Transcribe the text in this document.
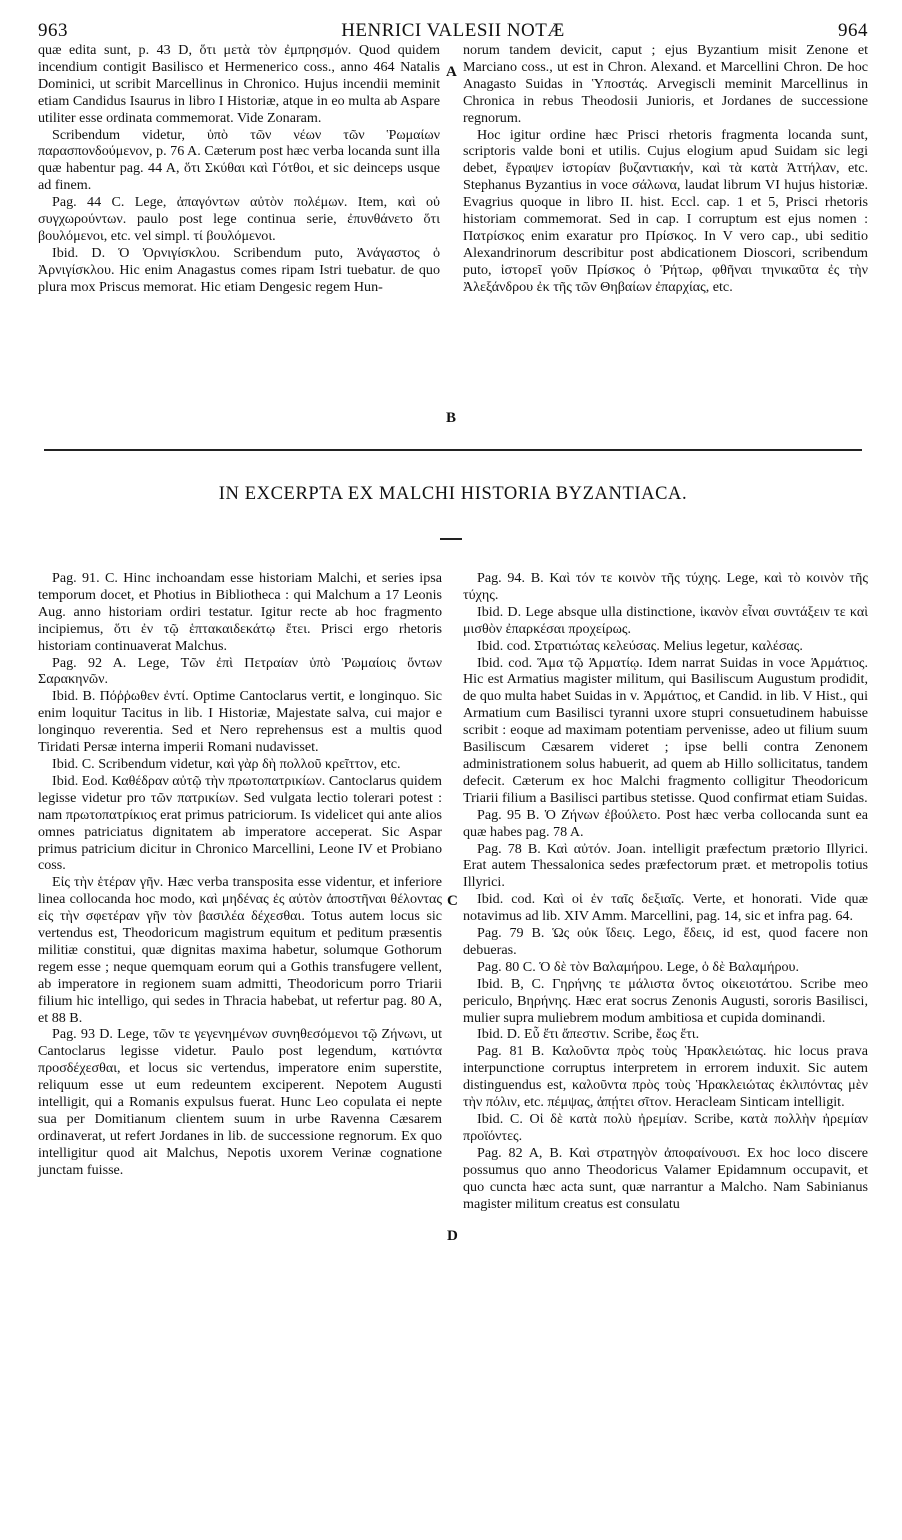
963	HENRICI VALESII NOTÆ	964

quæ edita sunt, p. 43 D, ὅτι μετὰ τὸν ἐμπρησμόν. Quod quidem incendium contigit Basilisco et Hermenerico coss., anno 464 Natalis Dominici, ut scribit Marcellinus in Chronico. Hujus incendii meminit etiam Candidus Isaurus in libro I Historiæ, atque in eo multa ab Aspare utiliter esse ordinata commemorat. Vide Zonaram.

Scribendum videtur, ὑπὸ τῶν νέων τῶν Ῥωμαίων παρασπονδούμενον, p. 76 A. Cæterum post hæc verba locanda sunt illa quæ habentur pag. 44 A, ὅτι Σκύθαι καὶ Γότθοι, et sic deinceps usque ad finem.

Pag. 44 C. Lege, ἀπαγόντων αὐτὸν πολέμων. Item, καὶ οὐ συγχωρούντων. paulo post lege continua serie, ἐπυνθάνετο ὅτι βουλόμενοι, etc. vel simpl. τί βουλόμενοι.

Ibid. D. Ὁ Ὀρνιγίσκλου. Scribendum puto, Ἀνάγαστος ὁ Ἀρνιγίσκλου. Hic enim Anagastus comes ripam Istri tuebatur. de quo plura mox Priscus memorat. Hic etiam Dengesic regem Hun-

A
B

norum tandem devicit, caput ; ejus Byzantium misit Zenone et Marciano coss., ut est in Chron. Alexand. et Marcellini Chron. De hoc Anagasto Suidas in Ὑποστάς. Arvegiscli meminit Marcellinus in Chronica in rebus Theodosii Junioris, et Jordanes de successione regnorum.

Hoc igitur ordine hæc Prisci rhetoris fragmenta locanda sunt, scriptoris valde boni et utilis. Cujus elogium apud Suidam sic legi debet, ἔγραψεν ἱστορίαν βυζαντιακήν, καὶ τὰ κατὰ Ἀττήλαν, etc. Stephanus Byzantius in voce σάλωνα, laudat librum VI hujus historiæ. Evagrius quoque in libro II. hist. Eccl. cap. 1 et 5, Prisci rhetoris historiam commemorat. Sed in cap. I corruptum est ejus nomen : Πατρίσκος enim exaratur pro Πρίσκος. In V vero cap., ubi seditio Alexandrinorum describitur post abdicationem Dioscori, scribendum puto, ἱστορεῖ γοῦν Πρίσκος ὁ Ῥήτωρ, φθῆναι τηνικαῦτα ἐς τὴν Ἀλεξάνδρου ἐκ τῆς τῶν Θηβαίων ἐπαρχίας, etc.

IN EXCERPTA EX MALCHI HISTORIA BYZANTIACA.

Pag. 91. C. Hinc inchoandam esse historiam Malchi, et series ipsa temporum docet, et Photius in Bibliotheca : qui Malchum a 17 Leonis Aug. anno historiam ordiri testatur. Igitur recte ab hoc fragmento incipiemus, ὅτι ἐν τῷ ἑπτακαιδεκάτῳ ἔτει. Prisci ergo rhetoris historiam continuaverat Malchus.

Pag. 92 A. Lege, Τῶν ἐπὶ Πετραίαν ὑπὸ Ῥωμαίοις ὄντων Σαρακηνῶν.

Ibid. B. Πόῤῥωθεν ἐντί. Optime Cantoclarus vertit, e longinquo. Sic enim loquitur Tacitus in lib. I Historiæ, Majestate salva, cui major e longinquo reverentia. Sed et Nero reprehensus est a multis quod Tiridati Persæ interna imperii Romani nudavisset.

Ibid. C. Scribendum videtur, καὶ γὰρ δὴ πολλοῦ κρεῖττον, etc.

Ibid. Eod. Καθέδραν αὐτῷ τὴν πρωτοπατρικίων. Cantoclarus quidem legisse videtur pro τῶν πατρικίων. Sed vulgata lectio tolerari potest : nam πρωτοπατρίκιος erat primus patriciorum. Is videlicet qui ante alios omnes patriciatus dignitatem ab imperatore acceperat. Sic Aspar primus patricium dicitur in Chronico Marcellini, Leone IV et Probiano coss.

Εἰς τὴν ἑτέραν γῆν. Hæc verba transposita esse videntur, et inferiore linea collocanda hoc modo, καὶ μηδένας ἐς αὐτὸν ἀποστῆναι θέλοντας εἰς τὴν σφετέραν γῆν τὸν βασιλέα δέχεσθαι. Totus autem locus sic vertendus est, Theodoricum magistrum equitum et peditum præsentis militiæ constitui, quæ dignitas maxima habetur, solumque Gothorum regem esse ; neque quemquam eorum qui a Gothis transfugere vellent, ab imperatore in regionem suam admitti, Theodoricum porro Triarii filium hic intelligo, qui sedes in Thracia habebat, ut refertur pag. 80 A, et 88 B.

Pag. 93 D. Lege, τῶν τε γεγενημένων συνηθεσόμενοι τῷ Ζήνωνι, ut Cantoclarus legisse videtur. Paulo post legendum, κατιόντα προσδέχεσθαι, et locus sic vertendus, imperatore enim superstite, reliquum esse ut eum redeuntem exciperent. Nepotem Augusti intelligit, qui a Romanis expulsus fuerat. Hunc Leo copulata ei nepte sua per Domitianum clientem suum in urbe Ravenna Cæsarem ordinaverat, ut refert Jordanes in lib. de successione regnorum. Ex quo intelligitur quod ait Malchus, Nepotis uxorem Verinæ cognatione junctam fuisse.

C
D

Pag. 94. B. Καὶ τόν τε κοινὸν τῆς τύχης. Lege, καὶ τὸ κοινὸν τῆς τύχης.

Ibid. D. Lege absque ulla distinctione, ἱκανὸν εἶναι συντάξειν τε καὶ μισθὸν ἐπαρκέσαι προχείρως.

Ibid. cod. Στρατιώτας κελεύσας. Melius legetur, καλέσας.

Ibid. cod. Ἅμα τῷ Ἁρματίῳ. Idem narrat Suidas in voce Ἁρμάτιος. Hic est Armatius magister militum, qui Basiliscum Augustum prodidit, de quo multa habet Suidas in v. Ἁρμάτιος, et Candid. in lib. V Hist., qui Armatium cum Basilisci tyranni uxore stupri consuetudinem habuisse scribit : eoque ad maximam potentiam pervenisse, adeo ut filium suum Basiliscum Cæsarem videret ; ipse belli contra Zenonem administrationem solus habuerit, ad quem ab Hillo sollicitatus, tandem defecit. Cæterum ex hoc Malchi fragmento colligitur Theodoricum Triarii filium a Basilisci partibus stetisse. Quod confirmat etiam Suidas.

Pag. 95 B. Ὁ Ζήνων ἐβούλετο. Post hæc verba collocanda sunt ea quæ habes pag. 78 A.

Pag. 78 B. Καὶ αὐτόν. Joan. intelligit præfectum prætorio Illyrici. Erat autem Thessalonica sedes præfectorum præt. et metropolis totius Illyrici.

Ibid. cod. Καὶ οἱ ἐν ταῖς δεξιαῖς. Verte, et honorati. Vide quæ notavimus ad lib. XIV Amm. Marcellini, pag. 14, sic et infra pag. 64.

Pag. 79 B. Ὡς οὐκ ἴδεις. Lego, ἔδεις, id est, quod facere non debueras.

Pag. 80 C. Ὁ δὲ τὸν Βαλαμήρου. Lege, ὁ δὲ Βαλαμήρου.

Ibid. B, C. Γηρήνης τε μάλιστα ὄντος οἰκειοτάτου. Scribe meo periculo, Βηρήνης. Hæc erat socrus Zenonis Augusti, sororis Basilisci, mulier supra muliebrem modum ambitiosa et cupida dominandi.

Ibid. D. Εὖ ἔτι ἄπεστιν. Scribe, ἕως ἔτι.

Pag. 81 B. Καλοῦντα πρὸς τοὺς Ἡρακλειώτας. hic locus prava interpunctione corruptus interpretem in errorem induxit. Sic autem distinguendus est, καλοῦντα πρὸς τοὺς Ἡρακλειώτας ἐκλιπόντας μὲν τὴν πόλιν, etc. πέμψας, ἀπῄτει σῖτον. Heracleam Sinticam intelligit.

Ibid. C. Οἱ δὲ κατὰ πολὺ ἠρεμίαν. Scribe, κατὰ πολλὴν ἠρεμίαν προϊόντες.

Pag. 82 A, B. Καὶ στρατηγὸν ἀποφαίνουσι. Ex hoc loco discere possumus quo anno Theodoricus Valamer Epidamnum occupavit, et quo cuncta hæc acta sunt, quæ narrantur a Malcho. Nam Sabinianus magister militum creatus est consulatu
